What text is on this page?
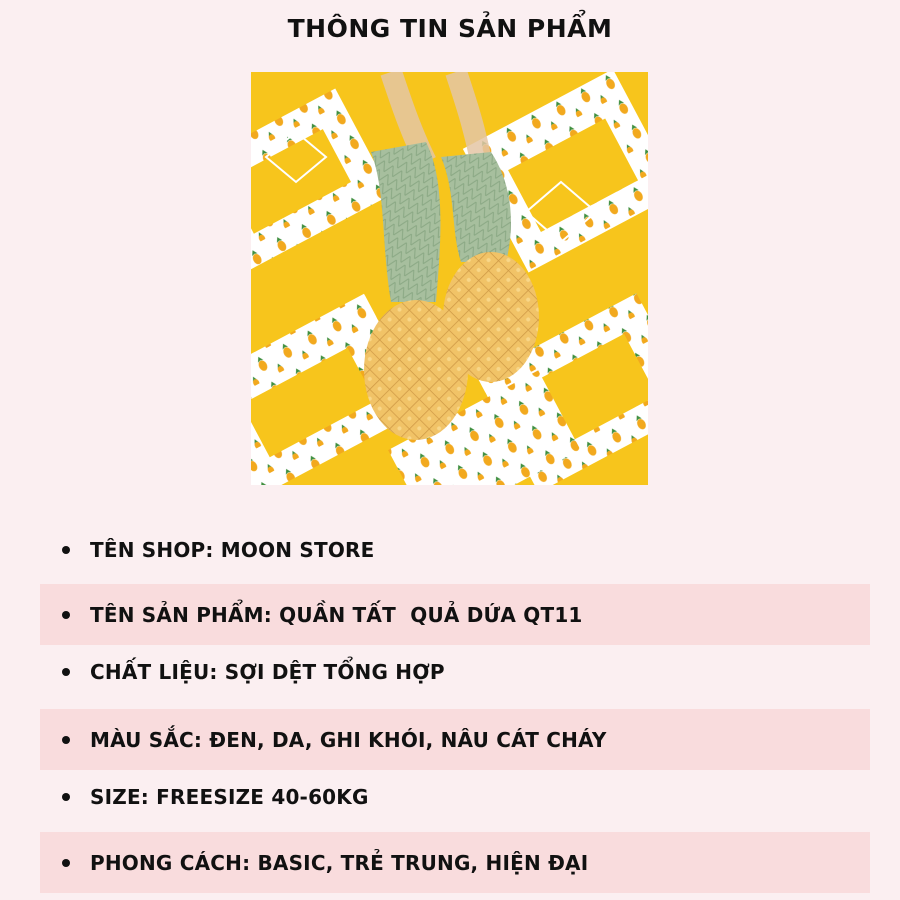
THÔNG TIN SẢN PHẨM
TÊN SHOP: MOON STORE
TÊN SẢN PHẨM: QUẦN TẤT  QUẢ DỨA QT11
CHẤT LIỆU: SỢI DỆT TỔNG HỢP
MÀU SẮC: ĐEN, DA, GHI KHÓI, NÂU CÁT CHÁY
SIZE: FREESIZE 40-60KG
PHONG CÁCH: BASIC, TRẺ TRUNG, HIỆN ĐẠI
